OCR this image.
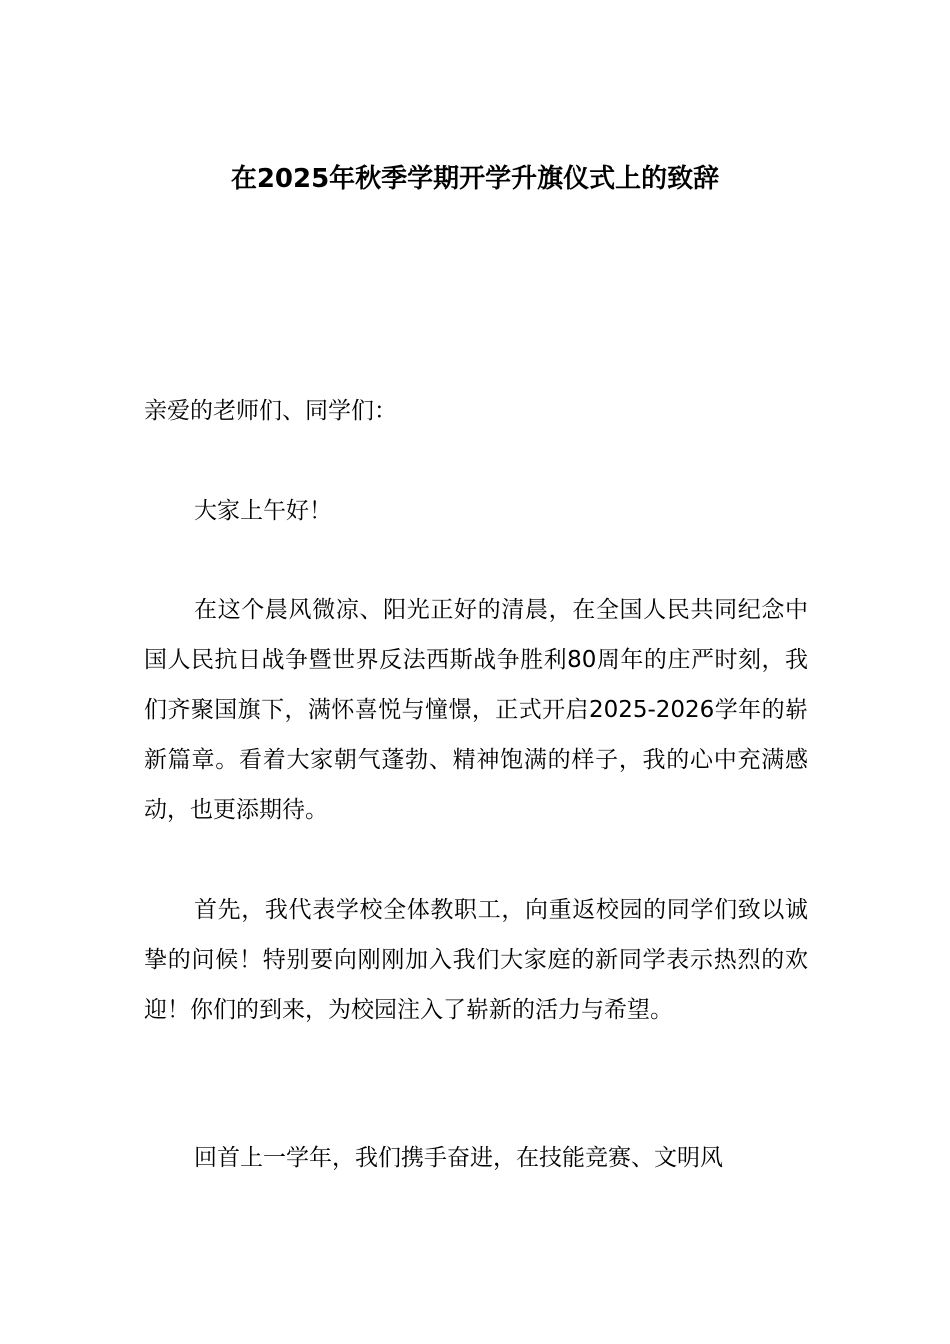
在2025年秋季学期开学升旗仪式上的致辞

亲爱的老师们、同学们：

大家上午好！

在这个晨风微凉、阳光正好的清晨，在全国人民共同纪念中国人民抗日战争暨世界反法西斯战争胜利80周年的庄严时刻，我们齐聚国旗下，满怀喜悦与憧憬，正式开启2025-2026学年的崭新篇章。看着大家朝气蓬勃、精神饱满的样子，我的心中充满感动，也更添期待。

首先，我代表学校全体教职工，向重返校园的同学们致以诚挚的问候！特别要向刚刚加入我们大家庭的新同学表示热烈的欢迎！你们的到来，为校园注入了崭新的活力与希望。

回首上一学年，我们携手奋进，在技能竞赛、文明风
